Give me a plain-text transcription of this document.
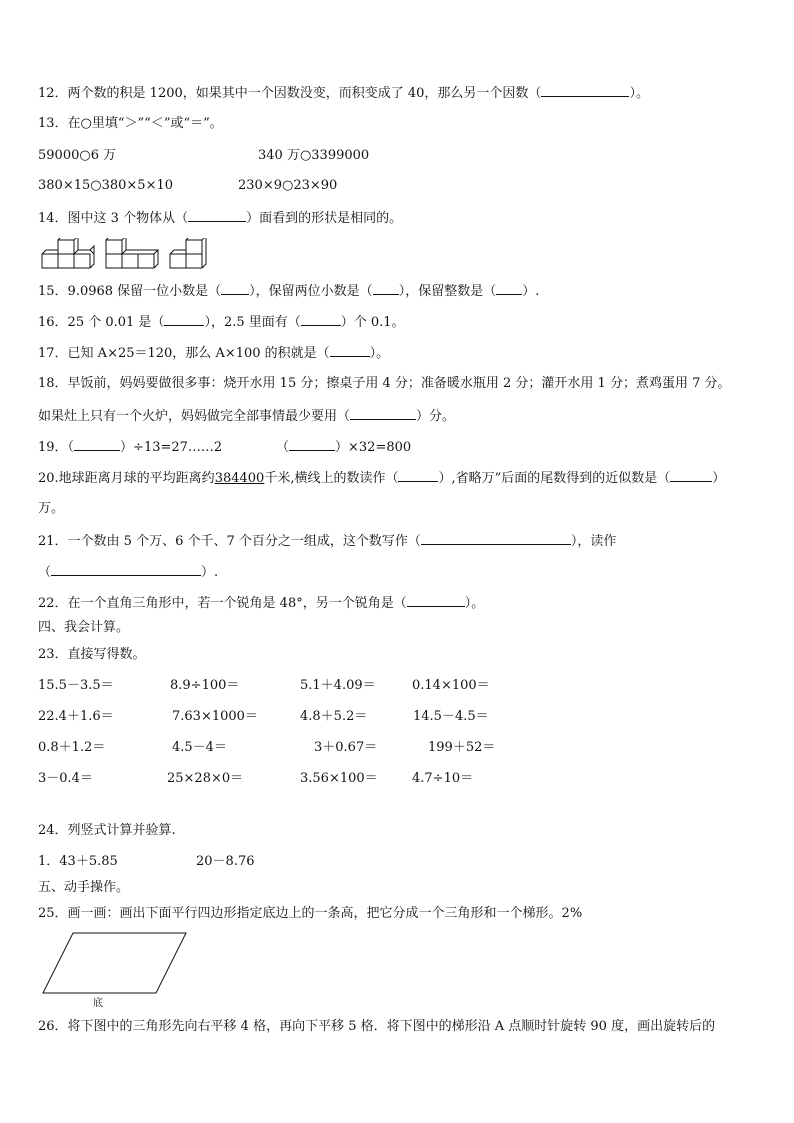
12．两个数的积是 1200，如果其中一个因数没变，而积变成了 40，那么另一个因数（	）。
13．在○里填“＞”“＜”或“＝”。
59000○6 万	340 万○3399000
380×15○380×5×10	230×9○23×90
14．图中这 3 个物体从（	）面看到的形状是相同的。
15．9.0968 保留一位小数是（ ），保留两位小数是（ ），保留整数是（ ）.
16．25 个 0.01 是（	），2.5 里面有（	）个 0.1。
17．已知 A×25＝120，那么 A×100 的积就是（	）。
18．早饭前，妈妈要做很多事：烧开水用 15 分；擦桌子用 4 分；准备暖水瓶用 2 分；灌开水用 1 分；煮鸡蛋用 7 分。
如果灶上只有一个火炉，妈妈做完全部事情最少要用（	）分。
19．（	）÷13=27……2	（	）×32=800
20.地球距离月球的平均距离约384400千米,横线上的数读作（	）,省略万”后面的尾数得到的近似数是（	）
万。
21．一个数由 5 个万、6 个千、7 个百分之一组成，这个数写作（	），读作
（	）.
22．在一个直角三角形中，若一个锐角是 48°，另一个锐角是（	）。
四、我会计算。
23．直接写得数。
15.5－3.5＝	8.9÷100＝	5.1＋4.09＝	0.14×100＝
22.4＋1.6＝	7.63×1000＝	4.8＋5.2＝	14.5－4.5＝
0.8＋1.2＝	4.5－4＝	3＋0.67＝	199＋52＝
3－0.4＝	25×28×0＝	3.56×100＝	4.7÷10＝
24．列竖式计算并验算.
1．43＋5.85	20－8.76
五、动手操作。
25．画一画：画出下面平行四边形指定底边上的一条高，把它分成一个三角形和一个梯形。2%
底
26．将下图中的三角形先向右平移 4 格，再向下平移 5 格．将下图中的梯形沿 A 点顺时针旋转 90 度，画出旋转后的
